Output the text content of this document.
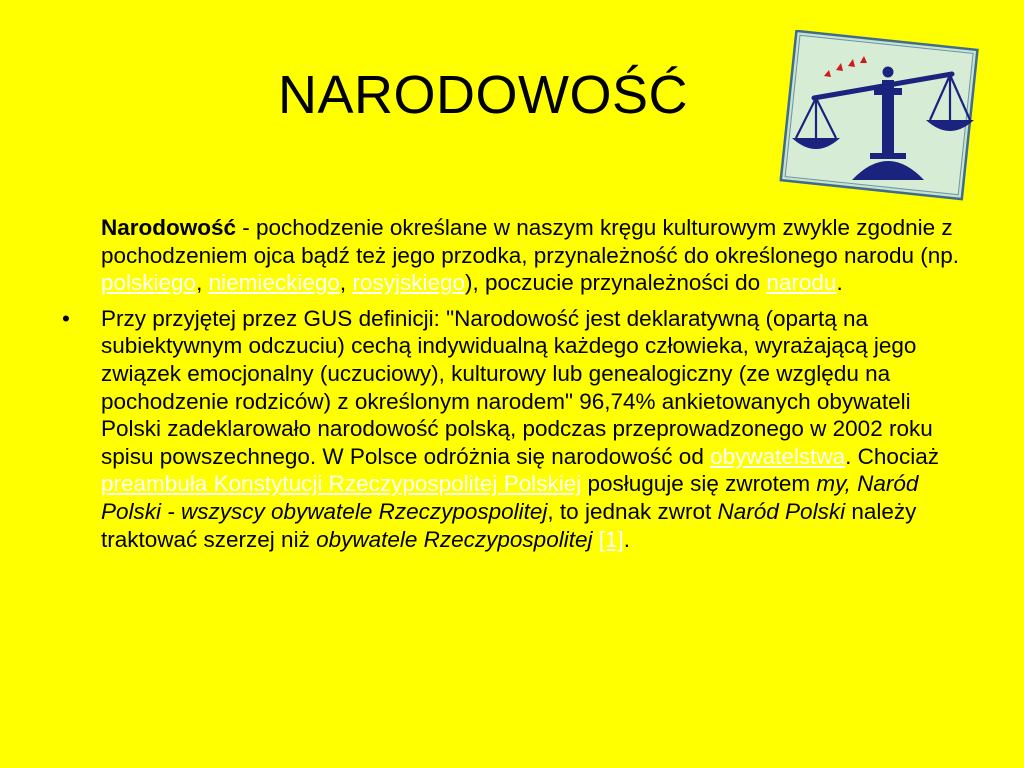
NARODOWOŚĆ
Narodowość - pochodzenie określane w naszym kręgu kulturowym zwykle zgodnie z pochodzeniem ojca bądź też jego przodka, przynależność do określonego narodu (np. polskiego, niemieckiego, rosyjskiego), poczucie przynależności do narodu.
•	Przy przyjętej przez GUS definicji: "Narodowość jest deklaratywną (opartą na subiektywnym odczuciu) cechą indywidualną każdego człowieka, wyrażającą jego związek emocjonalny (uczuciowy), kulturowy lub genealogiczny (ze względu na pochodzenie rodziców) z określonym narodem" 96,74% ankietowanych obywateli Polski zadeklarowało narodowość polską, podczas przeprowadzonego w 2002 roku spisu powszechnego. W Polsce odróżnia się narodowość od obywatelstwa. Chociaż preambuła Konstytucji Rzeczypospolitej Polskiej posługuje się zwrotem my, Naród Polski - wszyscy obywatele Rzeczypospolitej, to jednak zwrot Naród Polski należy traktować szerzej niż obywatele Rzeczypospolitej [1].
